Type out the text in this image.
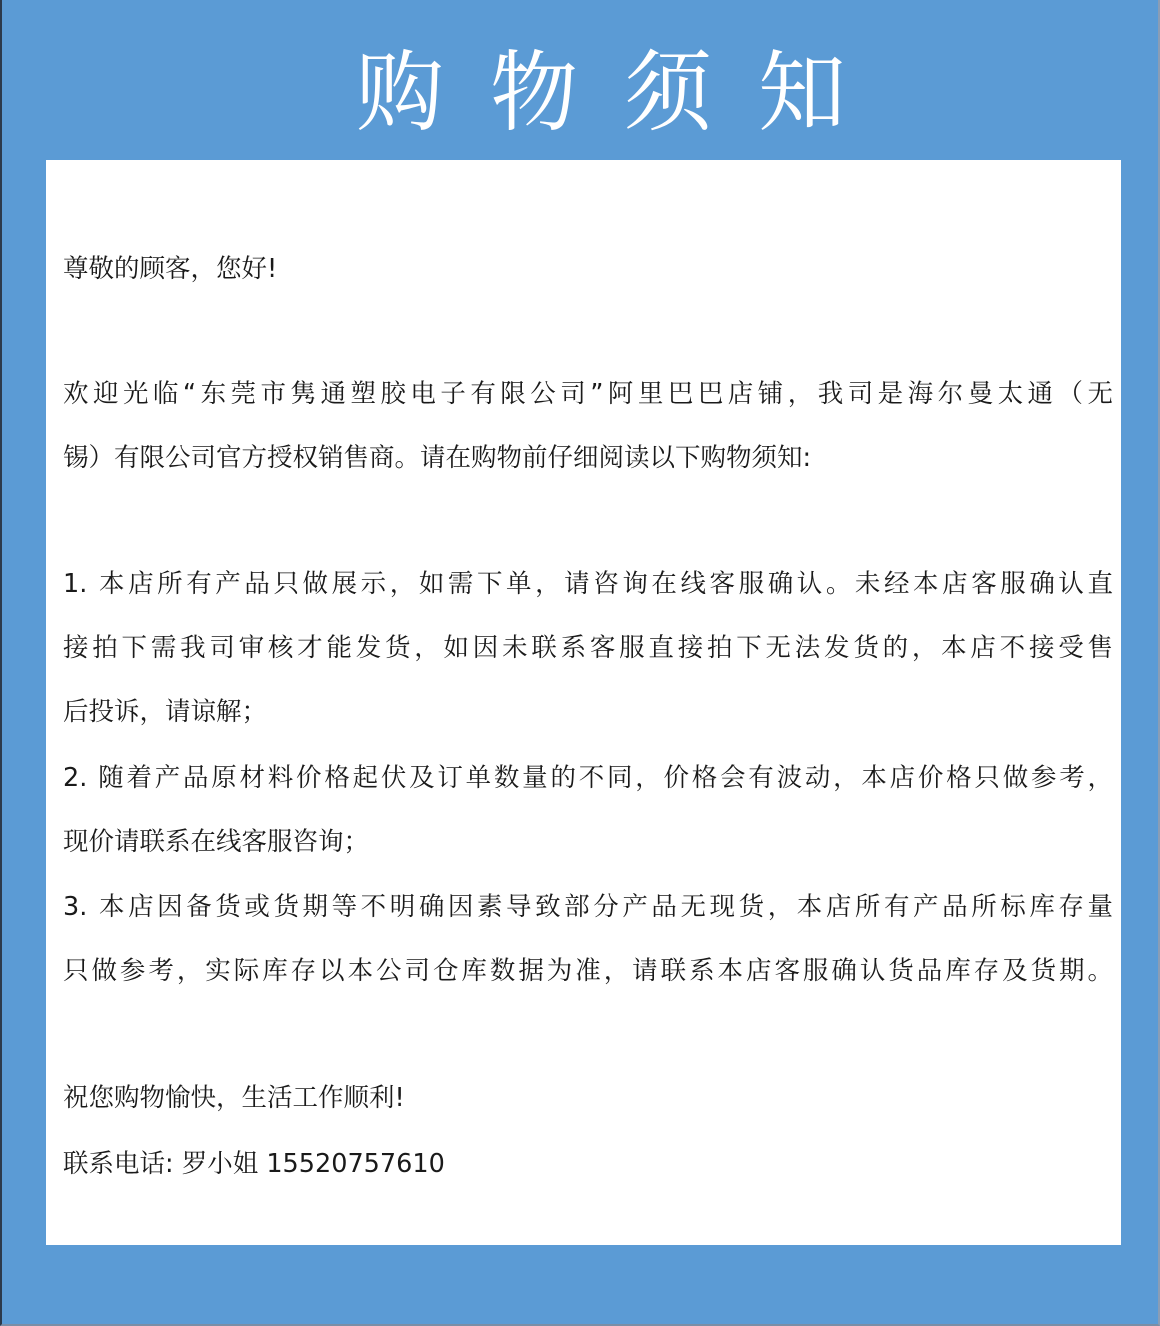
购物须知

尊敬的顾客，您好!

欢迎光临“东莞市隽通塑胶电子有限公司”阿里巴巴店铺，我司是海尔曼太通（无
锡）有限公司官方授权销售商。请在购物前仔细阅读以下购物须知:

1. 本店所有产品只做展示，如需下单，请咨询在线客服确认。未经本店客服确认直
接拍下需我司审核才能发货，如因未联系客服直接拍下无法发货的，本店不接受售
后投诉，请谅解；

2. 随着产品原材料价格起伏及订单数量的不同，价格会有波动，本店价格只做参考，
现价请联系在线客服咨询；

3. 本店因备货或货期等不明确因素导致部分产品无现货，本店所有产品所标库存量
只做参考，实际库存以本公司仓库数据为准，请联系本店客服确认货品库存及货期。

祝您购物愉快，生活工作顺利!

联系电话: 罗小姐 15520757610
